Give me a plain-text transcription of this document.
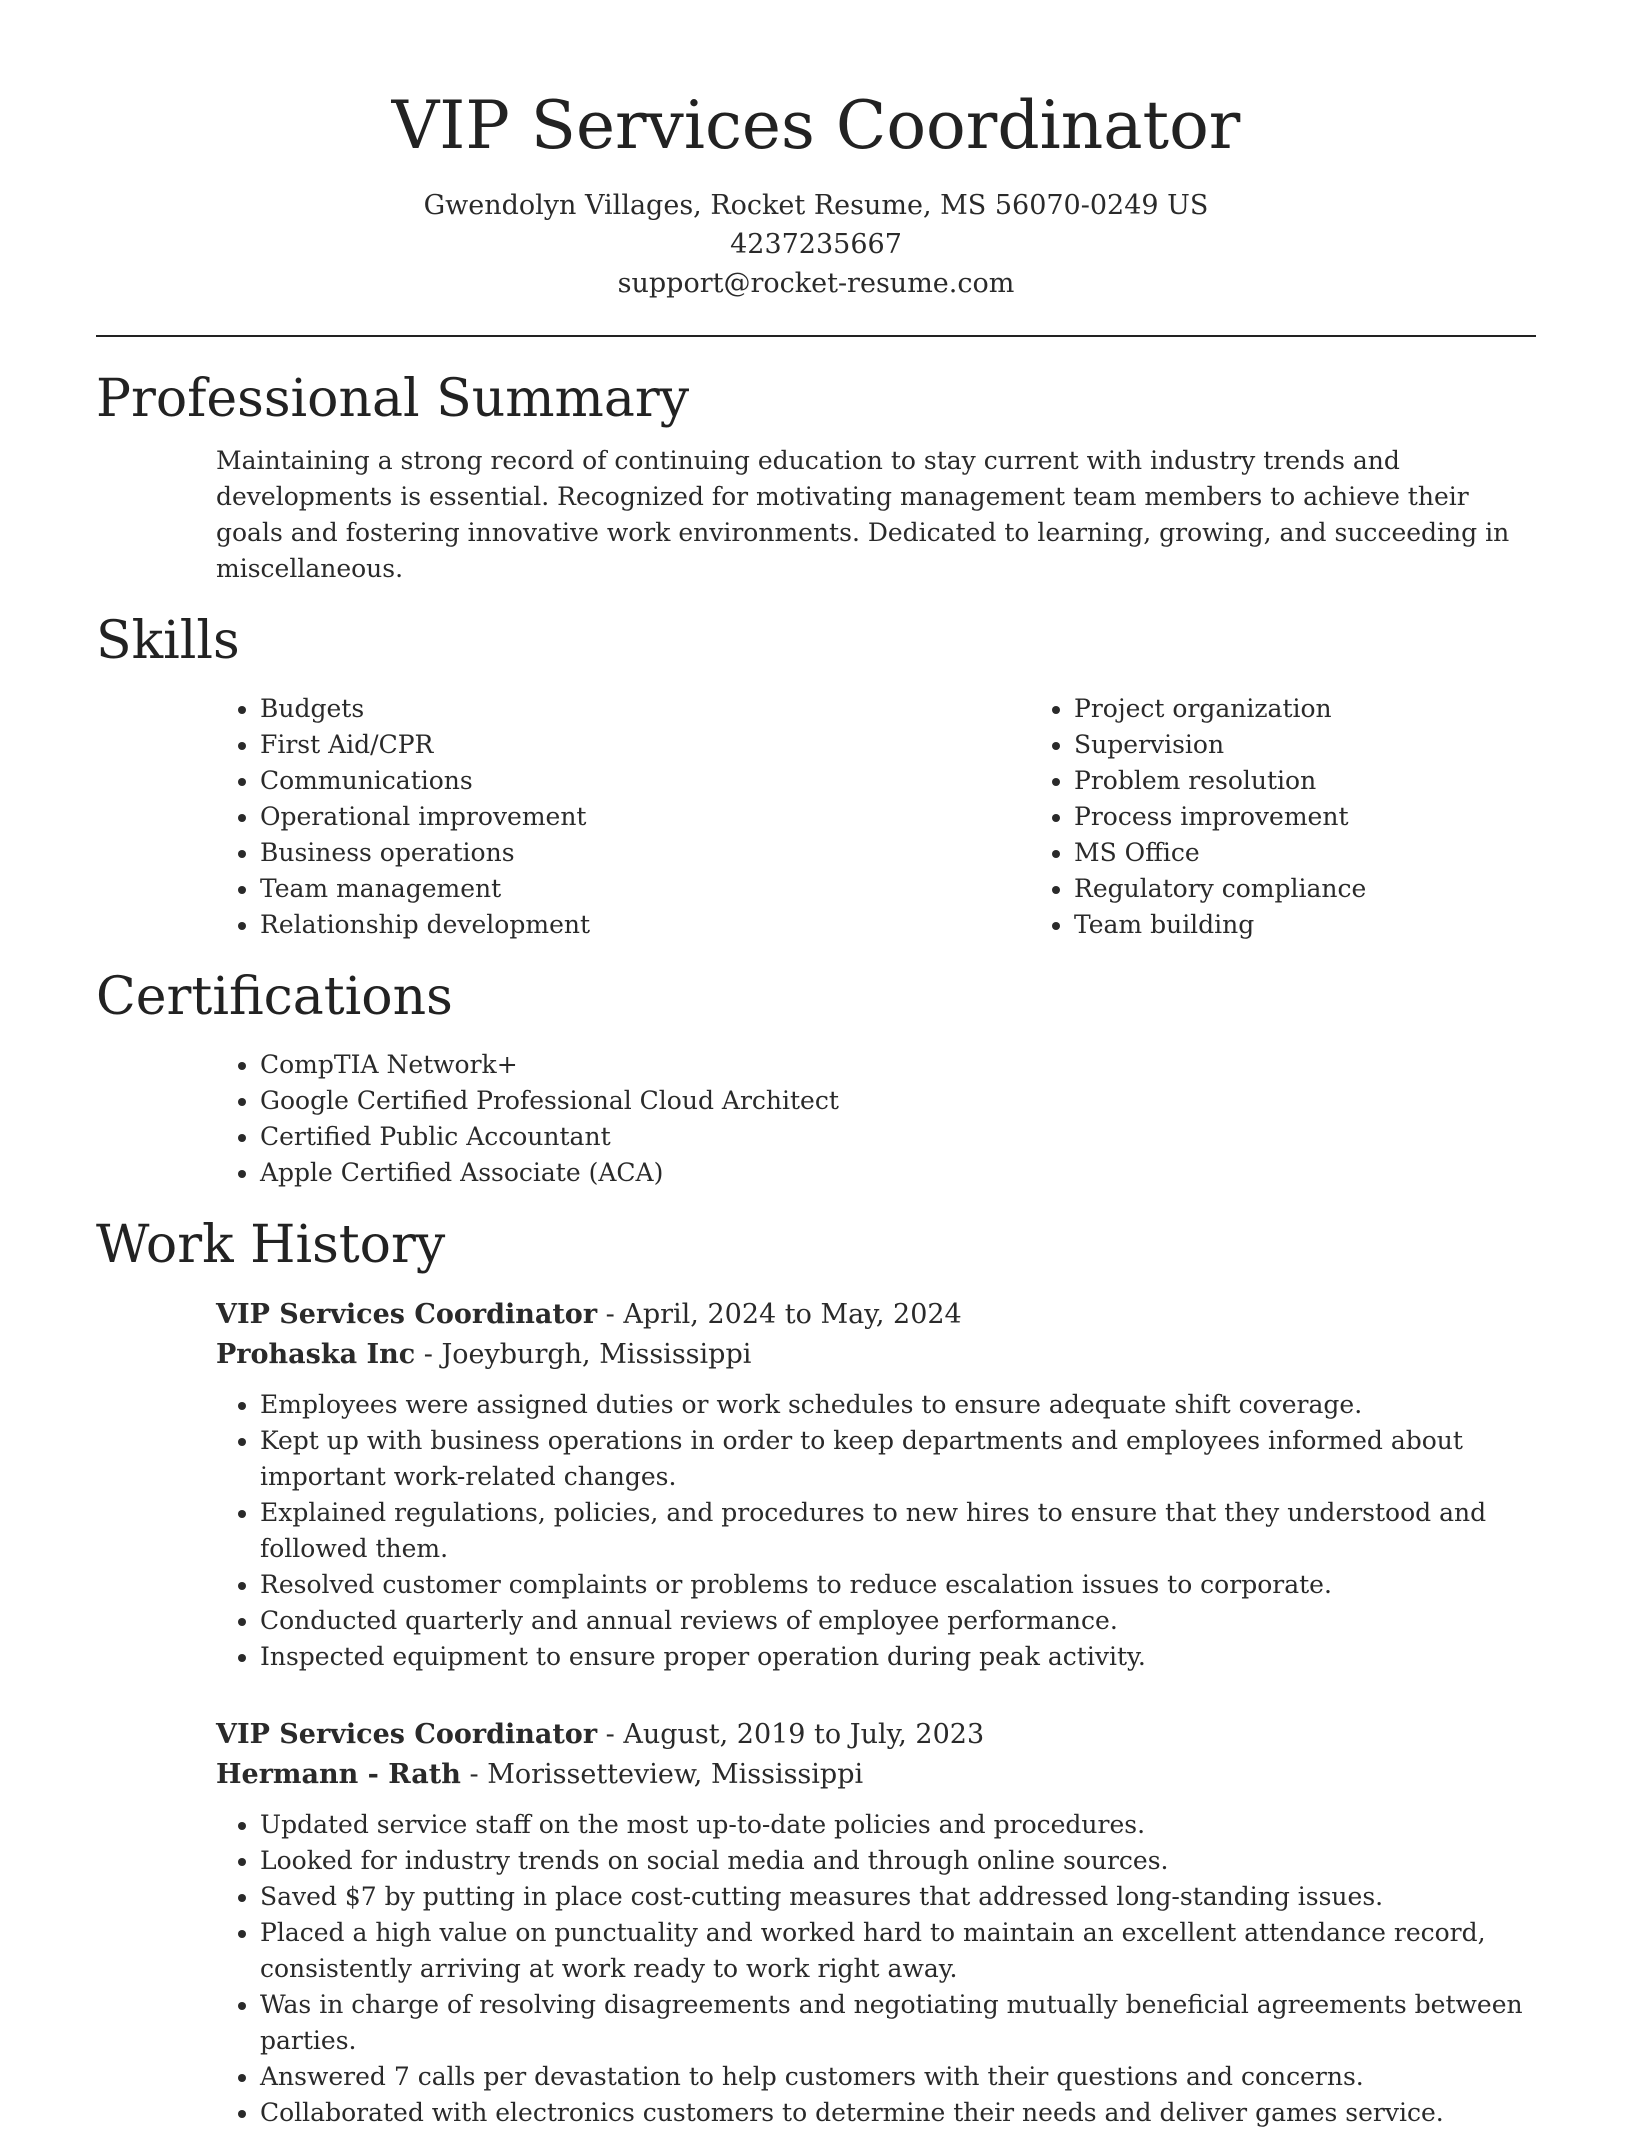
VIP Services Coordinator
Gwendolyn Villages, Rocket Resume, MS 56070-0249 US
4237235667
support@rocket-resume.com
Professional Summary

Maintaining a strong record of continuing education to stay current with industry trends and developments is essential. Recognized for motivating management team members to achieve their goals and fostering innovative work environments. Dedicated to learning, growing, and succeeding in miscellaneous.

Skills
• Budgets
• First Aid/CPR
• Communications
• Operational improvement
• Business operations
• Team management
• Relationship development
• Project organization
• Supervision
• Problem resolution
• Process improvement
• MS Office
• Regulatory compliance
• Team building
Certifications
• CompTIA Network+
• Google Certified Professional Cloud Architect
• Certified Public Accountant
• Apple Certified Associate (ACA)
Work History
VIP Services Coordinator - April, 2024 to May, 2024
Prohaska Inc - Joeyburgh, Mississippi
• Employees were assigned duties or work schedules to ensure adequate shift coverage.
• Kept up with business operations in order to keep departments and employees informed about important work-related changes.
• Explained regulations, policies, and procedures to new hires to ensure that they understood and followed them.
• Resolved customer complaints or problems to reduce escalation issues to corporate.
• Conducted quarterly and annual reviews of employee performance.
• Inspected equipment to ensure proper operation during peak activity.
VIP Services Coordinator - August, 2019 to July, 2023
Hermann - Rath - Morissetteview, Mississippi
• Updated service staff on the most up-to-date policies and procedures.
• Looked for industry trends on social media and through online sources.
• Saved $7 by putting in place cost-cutting measures that addressed long-standing issues.
• Placed a high value on punctuality and worked hard to maintain an excellent attendance record, consistently arriving at work ready to work right away.
• Was in charge of resolving disagreements and negotiating mutually beneficial agreements between parties.
• Answered 7 calls per devastation to help customers with their questions and concerns.
• Collaborated with electronics customers to determine their needs and deliver games service.
